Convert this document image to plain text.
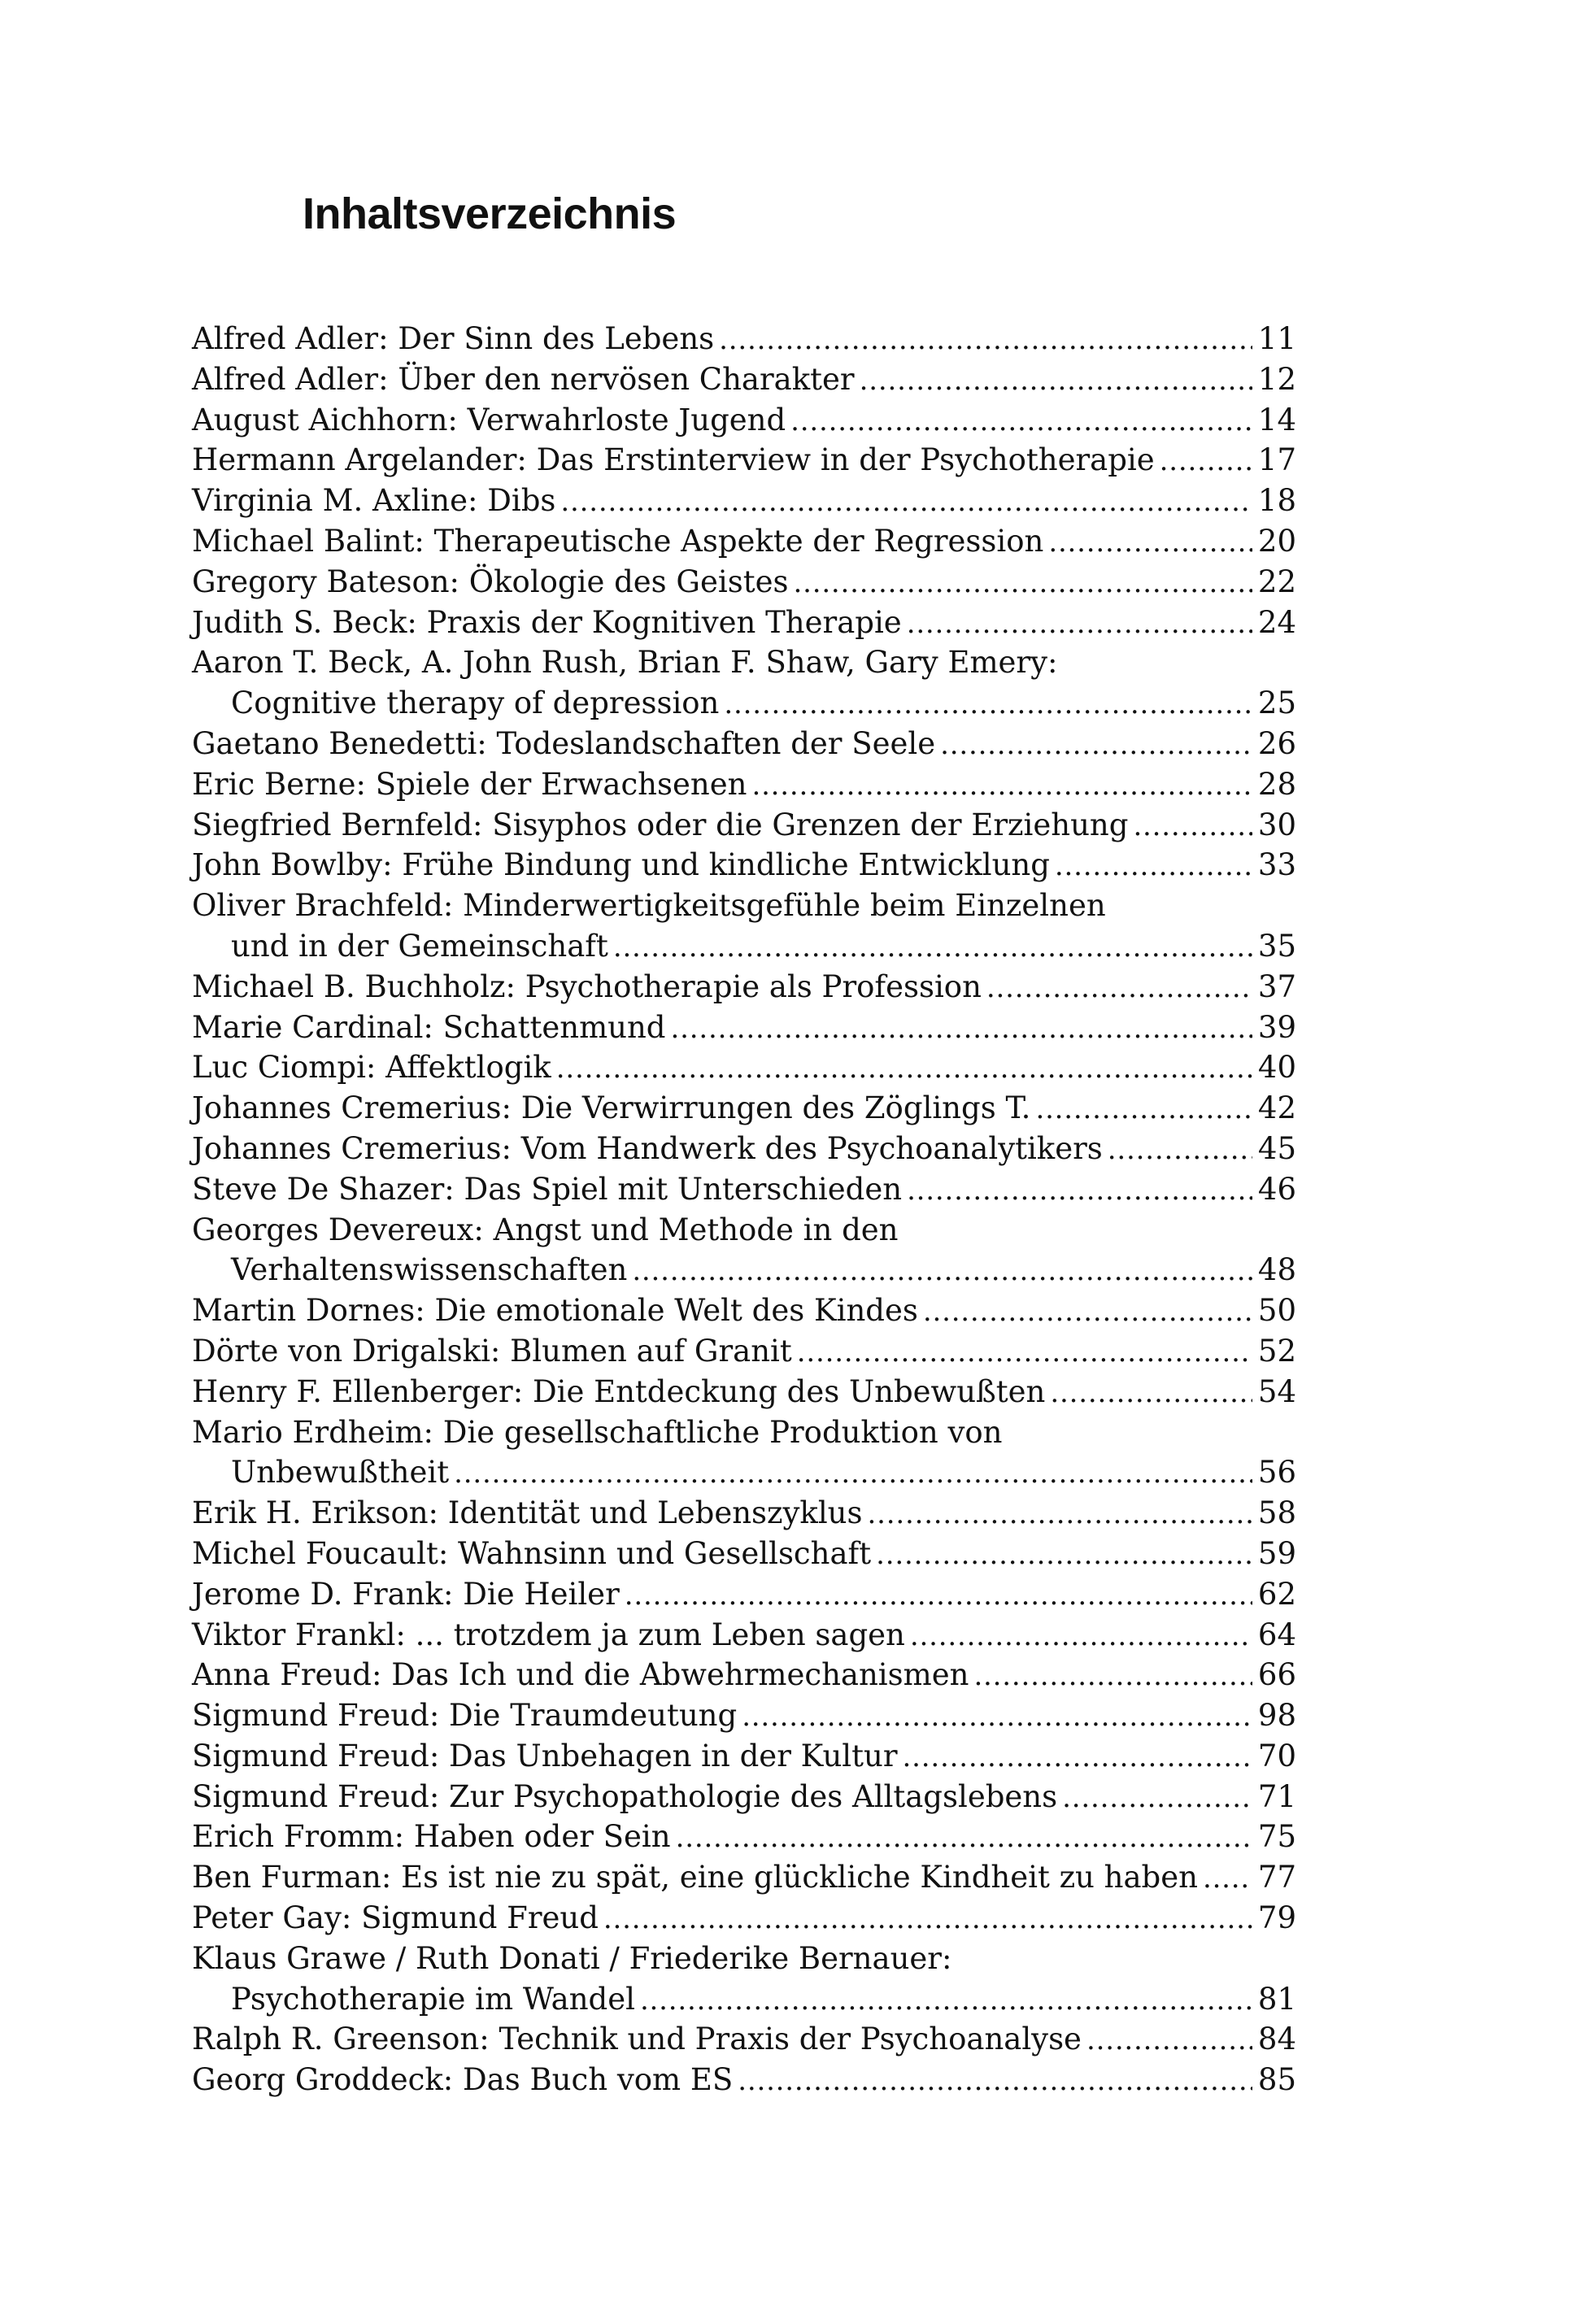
Inhaltsverzeichnis
Alfred Adler: Der Sinn des Lebens . . .	11
Alfred Adler: Über den nervösen Charakter . . .	12
August Aichhorn: Verwahrloste Jugend . . .	14
Hermann Argelander: Das Erstinterview in der Psychotherapie . . .	17
Virginia M. Axline: Dibs . . .	18
Michael Balint: Therapeutische Aspekte der Regression . . .	20
Gregory Bateson: Ökologie des Geistes . . .	22
Judith S. Beck: Praxis der Kognitiven Therapie . . .	24
Aaron T. Beck, A. John Rush, Brian F. Shaw, Gary Emery:
Cognitive therapy of depression . . .	25
Gaetano Benedetti: Todeslandschaften der Seele . . .	26
Eric Berne: Spiele der Erwachsenen . . .	28
Siegfried Bernfeld: Sisyphos oder die Grenzen der Erziehung . . .	30
John Bowlby: Frühe Bindung und kindliche Entwicklung . . .	33
Oliver Brachfeld: Minderwertigkeitsgefühle beim Einzelnen
und in der Gemeinschaft . . .	35
Michael B. Buchholz: Psychotherapie als Profession . . .	37
Marie Cardinal: Schattenmund . . .	39
Luc Ciompi: Affektlogik . . .	40
Johannes Cremerius: Die Verwirrungen des Zöglings T. . . .	42
Johannes Cremerius: Vom Handwerk des Psychoanalytikers . . .	45
Steve De Shazer: Das Spiel mit Unterschieden . . .	46
Georges Devereux: Angst und Methode in den
Verhaltenswissenschaften . . .	48
Martin Dornes: Die emotionale Welt des Kindes . . .	50
Dörte von Drigalski: Blumen auf Granit . . .	52
Henry F. Ellenberger: Die Entdeckung des Unbewußten . . .	54
Mario Erdheim: Die gesellschaftliche Produktion von
Unbewußtheit . . .	56
Erik H. Erikson: Identität und Lebenszyklus . . .	58
Michel Foucault: Wahnsinn und Gesellschaft . . .	59
Jerome D. Frank: Die Heiler . . .	62
Viktor Frankl: ... trotzdem ja zum Leben sagen . . .	64
Anna Freud: Das Ich und die Abwehrmechanismen . . .	66
Sigmund Freud: Die Traumdeutung . . .	98
Sigmund Freud: Das Unbehagen in der Kultur . . .	70
Sigmund Freud: Zur Psychopathologie des Alltagslebens . . .	71
Erich Fromm: Haben oder Sein . . .	75
Ben Furman: Es ist nie zu spät, eine glückliche Kindheit zu haben . . . 77
Peter Gay: Sigmund Freud . . .	79
Klaus Grawe / Ruth Donati / Friederike Bernauer:
Psychotherapie im Wandel . . .	81
Ralph R. Greenson: Technik und Praxis der Psychoanalyse . . .	84
Georg Groddeck: Das Buch vom ES . . .	85
